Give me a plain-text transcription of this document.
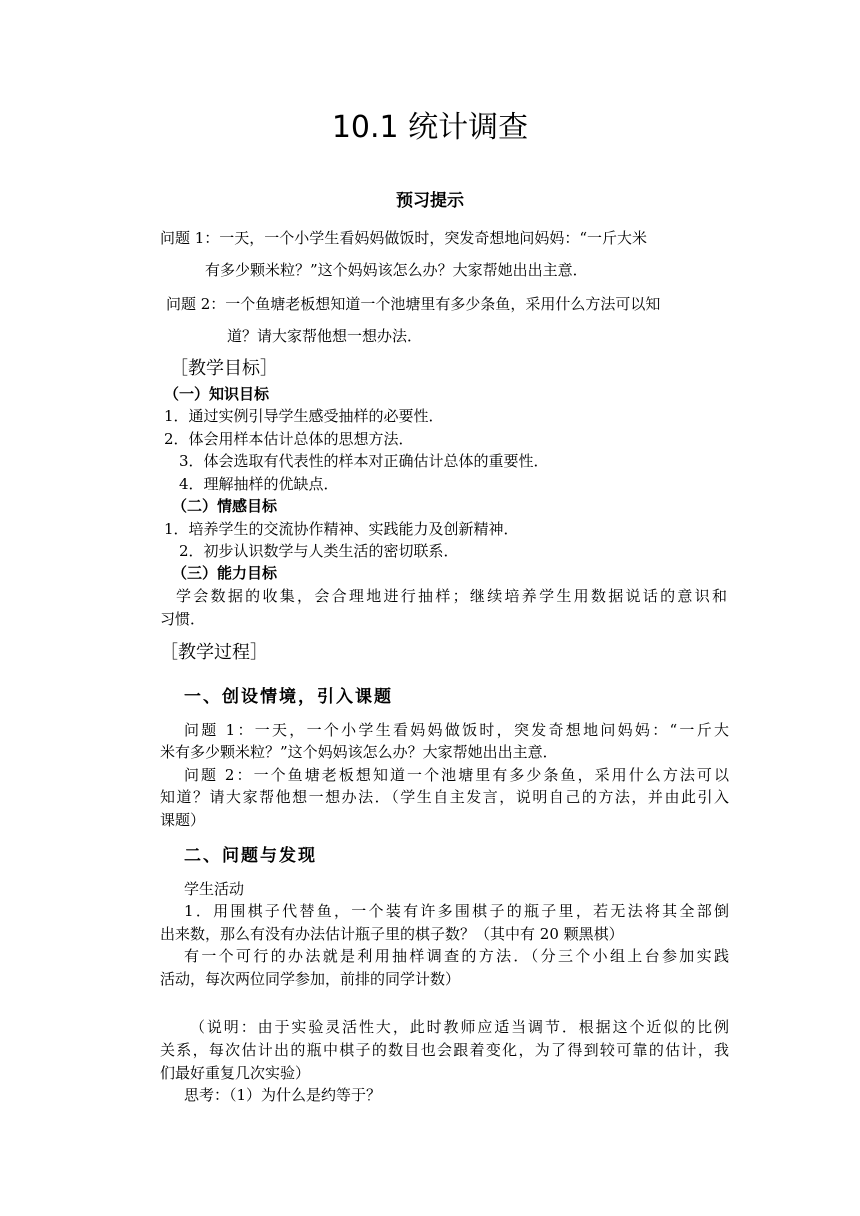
10.1 统计调查
预习提示
问题 1：一天，一个小学生看妈妈做饭时，突发奇想地问妈妈：“一斤大米
有多少颗米粒？”这个妈妈该怎么办？大家帮她出出主意．
问题 2：一个鱼塘老板想知道一个池塘里有多少条鱼，采用什么方法可以知
道？请大家帮他想一想办法．
［教学目标］
（一）知识目标
1．通过实例引导学生感受抽样的必要性．
2．体会用样本估计总体的思想方法．
3．体会选取有代表性的样本对正确估计总体的重要性．
4．理解抽样的优缺点．
（二）情感目标
1．培养学生的交流协作精神、实践能力及创新精神．
2．初步认识数学与人类生活的密切联系．
（三）能力目标
学会数据的收集，会合理地进行抽样；继续培养学生用数据说话的意识和
习惯．
［教学过程］
一、创设情境，引入课题
问题 1：一天，一个小学生看妈妈做饭时，突发奇想地问妈妈：“一斤大
米有多少颗米粒？”这个妈妈该怎么办？大家帮她出出主意．
问题 2：一个鱼塘老板想知道一个池塘里有多少条鱼，采用什么方法可以
知道？请大家帮他想一想办法．（学生自主发言，说明自己的方法，并由此引入
课题）
二、问题与发现
学生活动
1．用围棋子代替鱼，一个装有许多围棋子的瓶子里，若无法将其全部倒
出来数，那么有没有办法估计瓶子里的棋子数？（其中有 20 颗黑棋）
有一个可行的办法就是利用抽样调查的方法．（分三个小组上台参加实践
活动，每次两位同学参加，前排的同学计数）
（说明：由于实验灵活性大，此时教师应适当调节．根据这个近似的比例
关系，每次估计出的瓶中棋子的数目也会跟着变化，为了得到较可靠的估计，我
们最好重复几次实验）
思考：（1）为什么是约等于？
